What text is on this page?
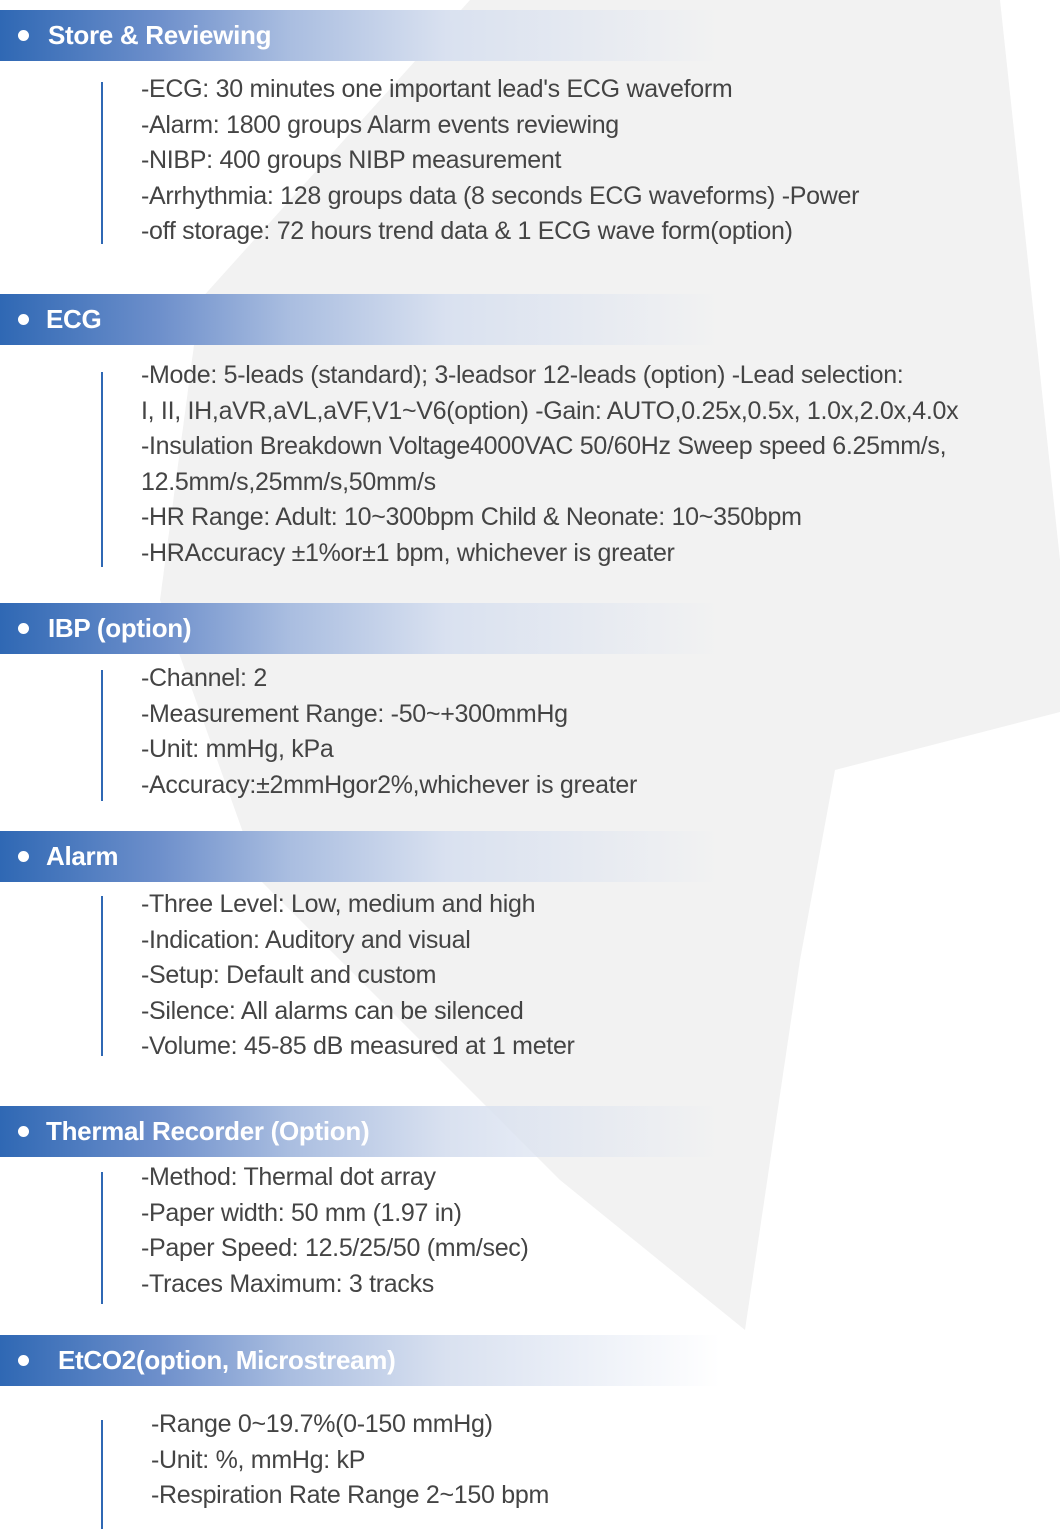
Store & Reviewing
-ECG: 30 minutes one important lead's ECG waveform
-Alarm: 1800 groups Alarm events reviewing
-NIBP: 400 groups NIBP measurement
-Arrhythmia: 128 groups data (8 seconds ECG waveforms) -Power
-off storage: 72 hours trend data & 1 ECG wave form(option)
ECG
-Mode: 5-leads (standard); 3-leadsor 12-leads (option) -Lead selection:
I, II, IH,aVR,aVL,aVF,V1~V6(option) -Gain: AUTO,0.25x,0.5x, 1.0x,2.0x,4.0x
-Insulation Breakdown Voltage4000VAC 50/60Hz Sweep speed 6.25mm/s,
12.5mm/s,25mm/s,50mm/s
-HR Range: Adult: 10~300bpm Child & Neonate: 10~350bpm
-HRAccuracy ±1%or±1 bpm, whichever is greater
IBP (option)
-Channel: 2
-Measurement Range: -50~+300mmHg
-Unit: mmHg, kPa
-Accuracy:±2mmHgor2%,whichever is greater
Alarm
-Three Level: Low, medium and high
-Indication: Auditory and visual
-Setup: Default and custom
-Silence: All alarms can be silenced
-Volume: 45-85 dB measured at 1 meter
Thermal Recorder (Option)
-Method: Thermal dot array
-Paper width: 50 mm (1.97 in)
-Paper Speed: 12.5/25/50 (mm/sec)
-Traces Maximum: 3 tracks
EtCO2(option, Microstream)
-Range 0~19.7%(0-150 mmHg)
-Unit: %, mmHg: kP
-Respiration Rate Range 2~150 bpm
